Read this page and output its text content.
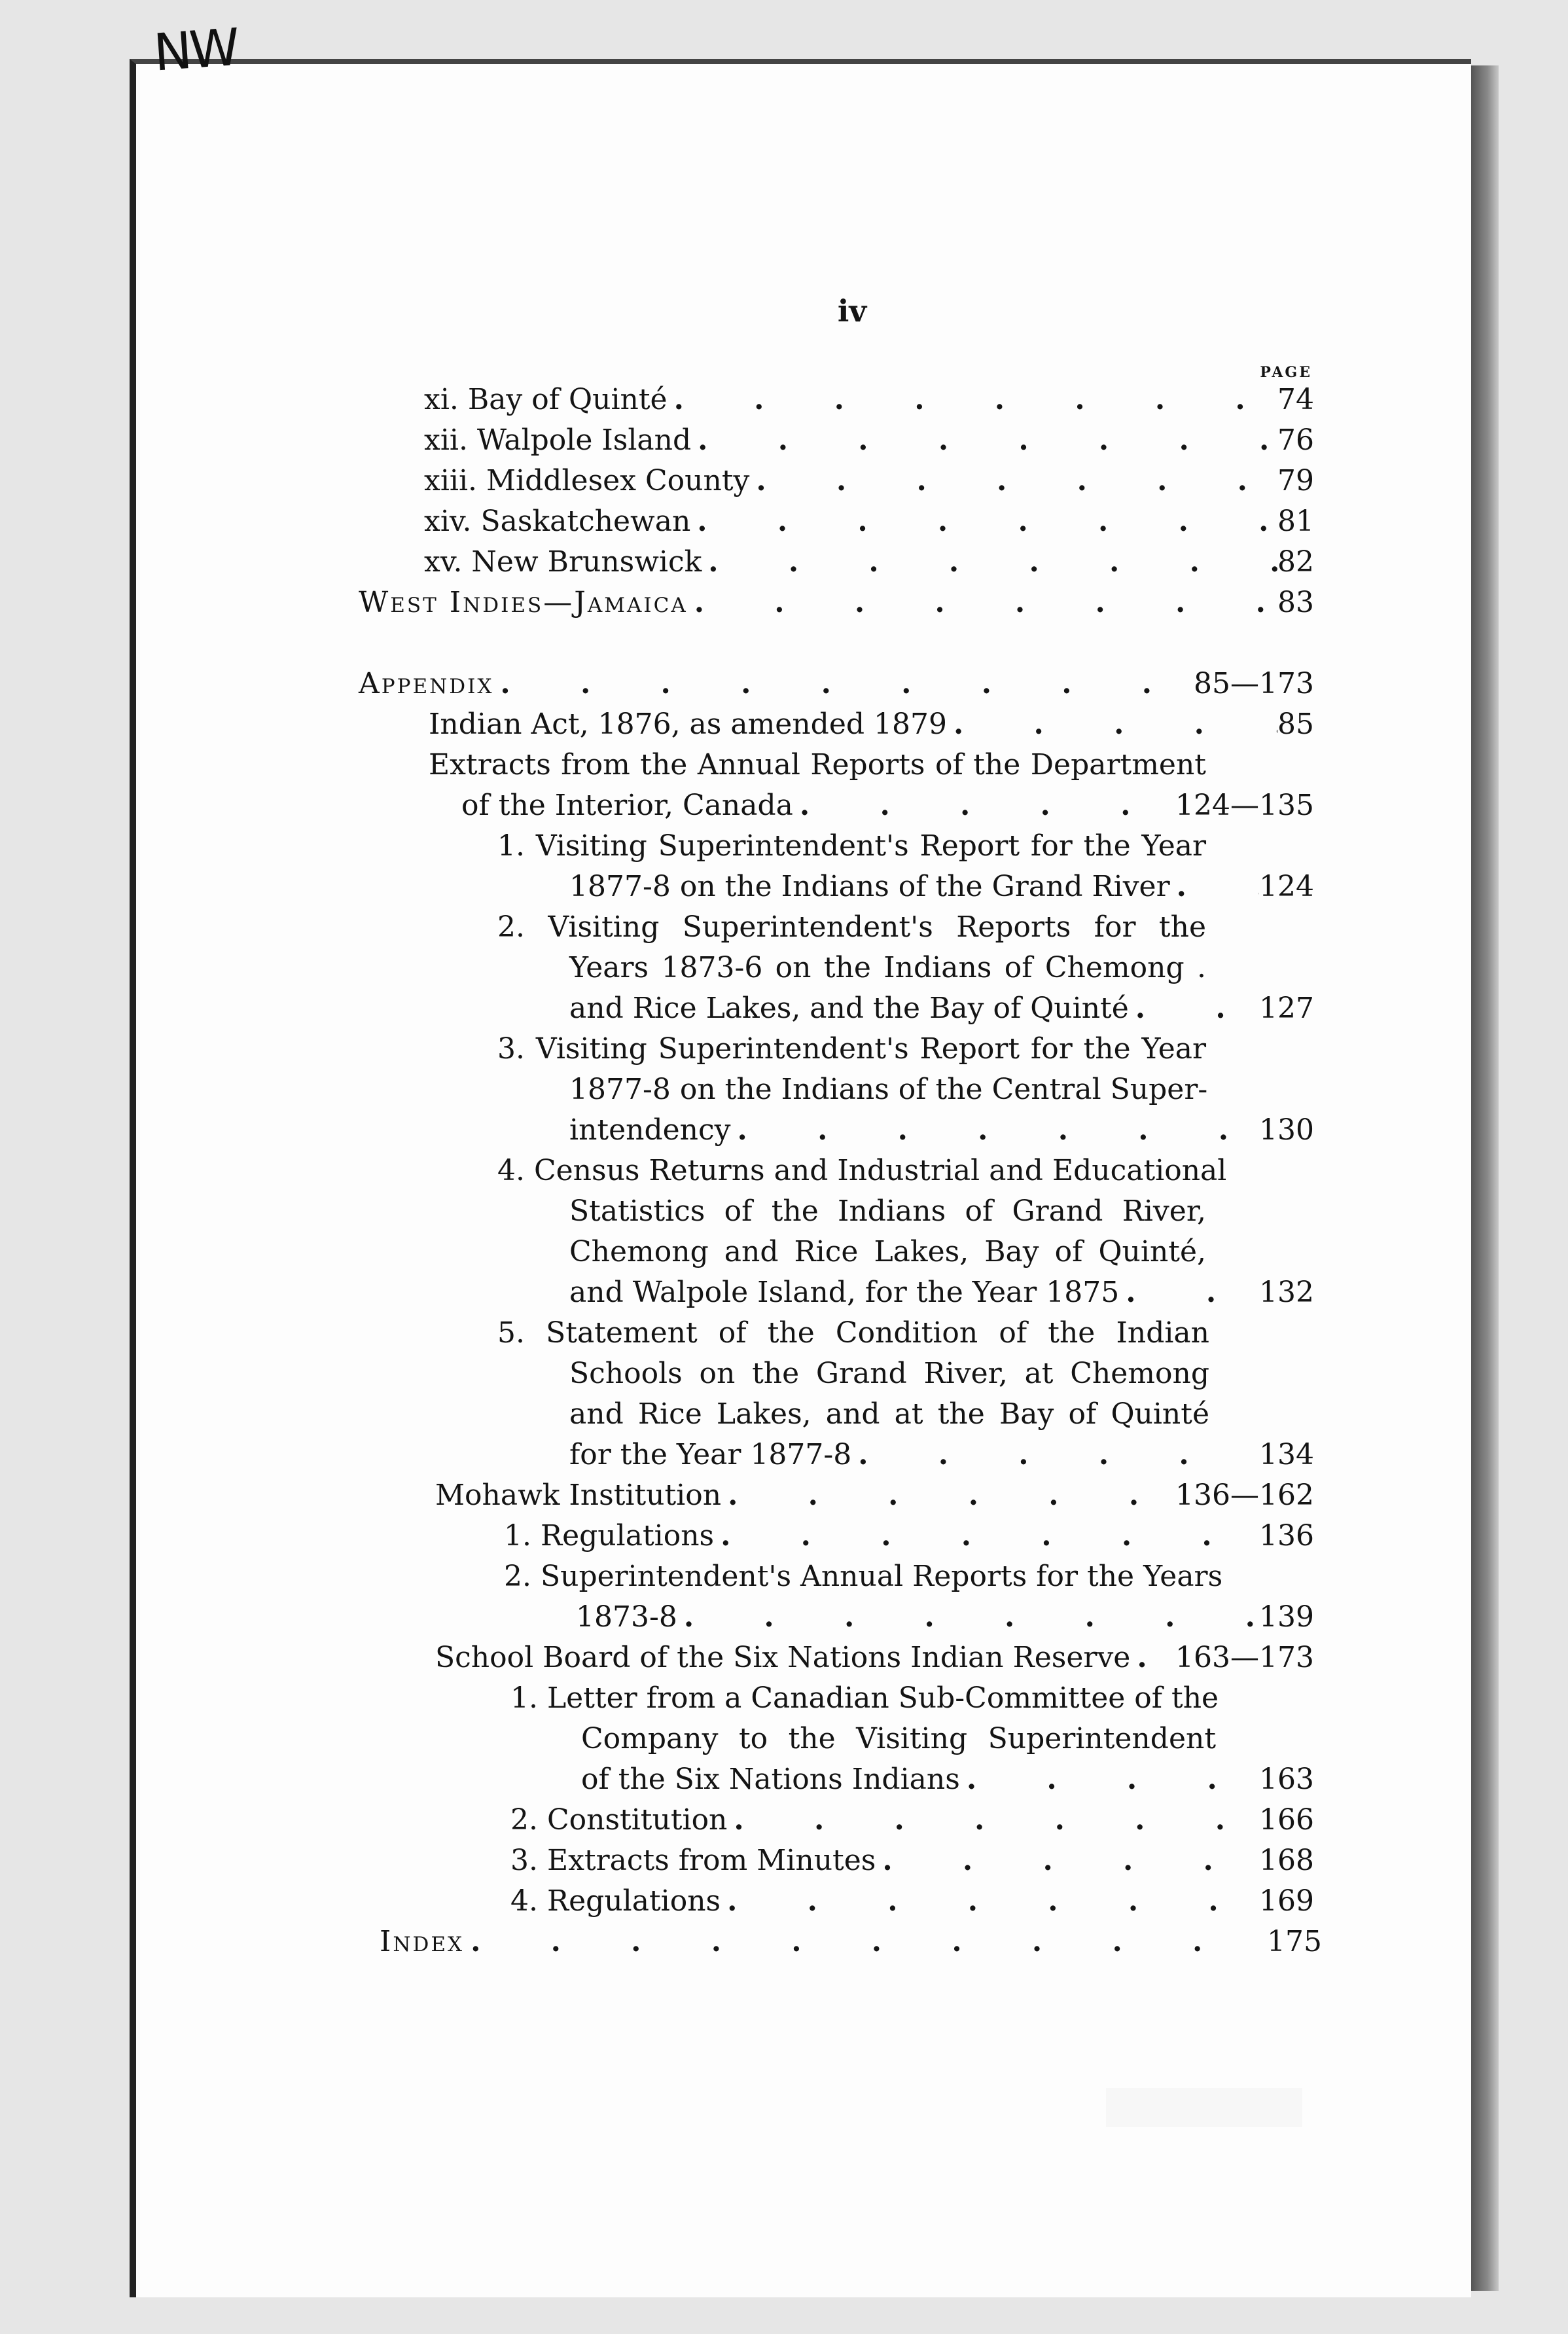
NW
iv
PAGE
xi. Bay of Quinté .	74
xii. Walpole Island .	76
xiii. Middlesex County .	79
xiv. Saskatchewan .	81
xv. New Brunswick .	82
West Indies—Jamaica .	83
Appendix .	85—173
Indian Act, 1876, as amended 1879 .	85
Extracts from the Annual Reports of the Department
of the Interior, Canada .	124—135
1. Visiting Superintendent's Report for the Year
1877-8 on the Indians of the Grand River .	124
2. Visiting Superintendent's Reports for the
Years 1873-6 on the Indians of Chemong .
and Rice Lakes, and the Bay of Quinté .	127
3. Visiting Superintendent's Report for the Year
1877-8 on the Indians of the Central Super-
intendency .	130
4. Census Returns and Industrial and Educational
Statistics of the Indians of Grand River,
Chemong and Rice Lakes, Bay of Quinté,
and Walpole Island, for the Year 1875 .	132
5. Statement of the Condition of the Indian
Schools on the Grand River, at Chemong
and Rice Lakes, and at the Bay of Quinté
for the Year 1877-8 .	134
Mohawk Institution .	136—162
1. Regulations .	136
2. Superintendent's Annual Reports for the Years
1873-8 .	139
School Board of the Six Nations Indian Reserve . 163—173
1. Letter from a Canadian Sub-Committee of the
Company to the Visiting Superintendent
of the Six Nations Indians .	163
2. Constitution .	166
3. Extracts from Minutes .	168
4. Regulations .	169
Index .	175
